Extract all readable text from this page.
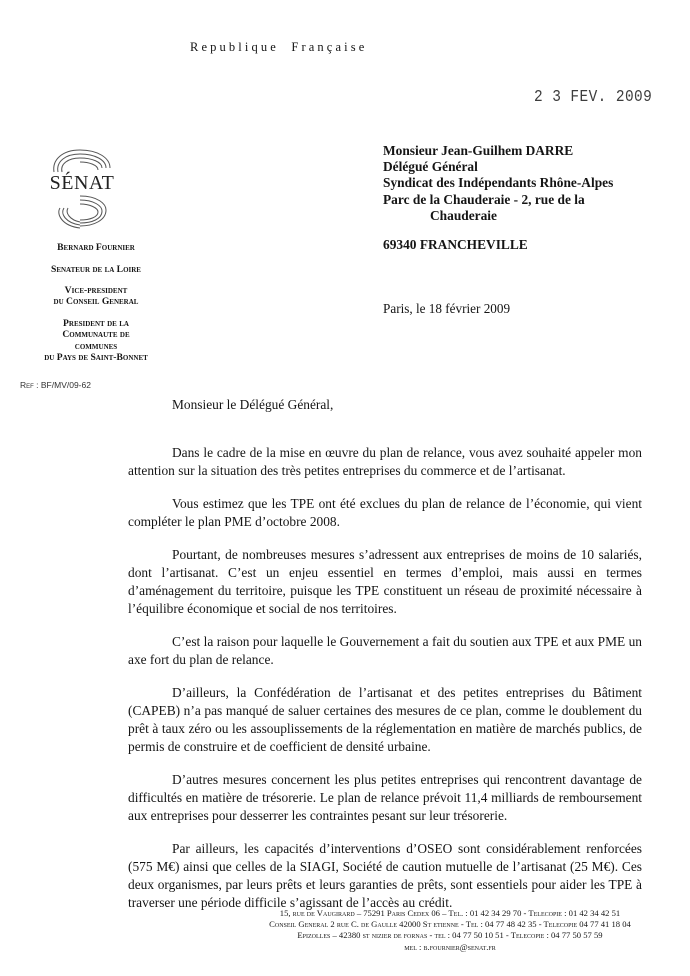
R e p u b l i q u e     F r a n ç a i s e
2 3 FEV. 2009
SÉNAT
Bernard Fournier
Senateur de la Loire
Vice-president
du Conseil General
President de la
Communaute de
communes
du Pays de Saint-Bonnet
Ref : BF/MV/09-62
Monsieur Jean-Guilhem DARRE
Délégué Général
Syndicat des Indépendants Rhône-Alpes
Parc de la Chauderaie - 2, rue de la
Chauderaie
69340 FRANCHEVILLE
Paris, le 18 février 2009
Monsieur le Délégué Général,

Dans le cadre de la mise en œuvre du plan de relance, vous avez souhaité appeler mon attention sur la situation des très petites entreprises du commerce et de l’artisanat.

Vous estimez que les TPE ont été exclues du plan de relance de l’économie, qui vient compléter le plan PME d’octobre 2008.

Pourtant, de nombreuses mesures s’adressent aux entreprises de moins de 10 salariés, dont l’artisanat. C’est un enjeu essentiel en termes d’emploi, mais aussi en termes d’aménagement du territoire, puisque les TPE constituent un réseau de proximité nécessaire à l’équilibre économique et social de nos territoires.

C’est la raison pour laquelle le Gouvernement a fait du soutien aux TPE et aux PME un axe fort du plan de relance.

D’ailleurs, la Confédération de l’artisanat et des petites entreprises du Bâtiment (CAPEB) n’a pas manqué de saluer certaines des mesures de ce plan, comme le doublement du prêt à taux zéro ou les assouplissements de la réglementation en matière de marchés publics, de permis de construire et de coefficient de densité urbaine.

D’autres mesures concernent les plus petites entreprises qui rencontrent davantage de difficultés en matière de trésorerie. Le plan de relance prévoit 11,4 milliards de remboursement aux entreprises pour desserrer les contraintes pesant sur leur trésorerie.

Par ailleurs, les capacités d’interventions d’OSEO sont considérablement renforcées (575 M€) ainsi que celles de la SIAGI, Société de caution mutuelle de l’artisanat (25 M€). Ces deux organismes, par leurs prêts et leurs garanties de prêts, sont essentiels pour aider les TPE à traverser une période difficile s’agissant de l’accès au crédit.

15, rue de Vaugirard – 75291 Paris Cedex 06 – Tel. : 01 42 34 29 70 - Telecopie : 01 42 34 42 51
Conseil General 2 rue C. de Gaulle 42000 St etienne - Tel : 04 77 48 42 35 - Telecopie 04 77 41 18 04
Epizolles – 42380 st nizier de fornas - tel : 04 77 50 10 51 - Telecopie : 04 77 50 57 59
mel : b.fournier@senat.fr
